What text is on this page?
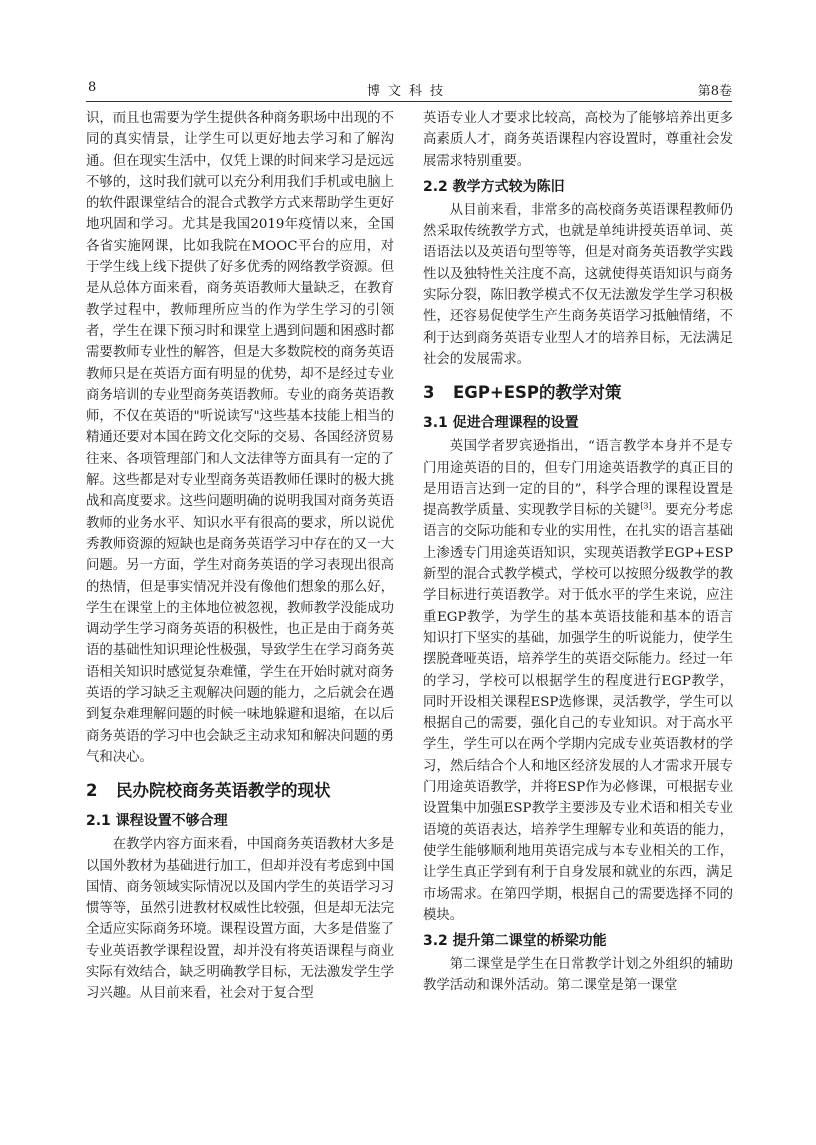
8	博文科技	第8卷

识，而且也需要为学生提供各种商务职场中出现的不同的真实情景，让学生可以更好地去学习和了解沟通。但在现实生活中，仅凭上课的时间来学习是远远不够的，这时我们就可以充分利用我们手机或电脑上的软件跟课堂结合的混合式教学方式来帮助学生更好地巩固和学习。尤其是我国2019年疫情以来，全国各省实施网课，比如我院在MOOC平台的应用，对于学生线上线下提供了好多优秀的网络教学资源。但是从总体方面来看，商务英语教师大量缺乏，在教育教学过程中，教师理所应当的作为学生学习的引领者，学生在课下预习时和课堂上遇到问题和困惑时都需要教师专业性的解答，但是大多数院校的商务英语教师只是在英语方面有明显的优势，却不是经过专业商务培训的专业型商务英语教师。专业的商务英语教师，不仅在英语的"听说读写"这些基本技能上相当的精通还要对本国在跨文化交际的交易、各国经济贸易往来、各项管理部门和人文法律等方面具有一定的了解。这些都是对专业型商务英语教师任课时的极大挑战和高度要求。这些问题明确的说明我国对商务英语教师的业务水平、知识水平有很高的要求，所以说优秀教师资源的短缺也是商务英语学习中存在的又一大问题。另一方面，学生对商务英语的学习表现出很高的热情，但是事实情况并没有像他们想象的那么好，学生在课堂上的主体地位被忽视，教师教学没能成功调动学生学习商务英语的积极性，也正是由于商务英语的基础性知识理论性极强，导致学生在学习商务英语相关知识时感觉复杂难懂，学生在开始时就对商务英语的学习缺乏主观解决问题的能力，之后就会在遇到复杂难理解问题的时候一味地躲避和退缩，在以后商务英语的学习中也会缺乏主动求知和解决问题的勇气和决心。

2 民办院校商务英语教学的现状
2.1 课程设置不够合理

在教学内容方面来看，中国商务英语教材大多是以国外教材为基础进行加工，但却并没有考虑到中国国情、商务领域实际情况以及国内学生的英语学习习惯等等，虽然引进教材权威性比较强，但是却无法完全适应实际商务环境。课程设置方面，大多是借鉴了专业英语教学课程设置，却并没有将英语课程与商业实际有效结合，缺乏明确教学目标，无法激发学生学习兴趣。从目前来看，社会对于复合型

英语专业人才要求比较高，高校为了能够培养出更多高素质人才，商务英语课程内容设置时，尊重社会发展需求特别重要。

2.2 教学方式较为陈旧

从目前来看，非常多的高校商务英语课程教师仍然采取传统教学方式，也就是单纯讲授英语单词、英语语法以及英语句型等等，但是对商务英语教学实践性以及独特性关注度不高，这就使得英语知识与商务实际分裂，陈旧教学模式不仅无法激发学生学习积极性，还容易促使学生产生商务英语学习抵触情绪，不利于达到商务英语专业型人才的培养目标，无法满足社会的发展需求。

3 EGP+ESP的教学对策
3.1 促进合理课程的设置

英国学者罗宾逊指出，“语言教学本身并不是专门用途英语的目的，但专门用途英语教学的真正目的是用语言达到一定的目的”，科学合理的课程设置是提高教学质量、实现教学目标的关键[3]。要充分考虑语言的交际功能和专业的实用性，在扎实的语言基础上渗透专门用途英语知识，实现英语教学EGP+ESP新型的混合式教学模式，学校可以按照分级教学的教学目标进行英语教学。对于低水平的学生来说，应注重EGP教学，为学生的基本英语技能和基本的语言知识打下坚实的基础，加强学生的听说能力，使学生摆脱聋哑英语，培养学生的英语交际能力。经过一年的学习，学校可以根据学生的程度进行EGP教学，同时开设相关课程ESP选修课，灵活教学，学生可以根据自己的需要，强化自己的专业知识。对于高水平学生，学生可以在两个学期内完成专业英语教材的学习，然后结合个人和地区经济发展的人才需求开展专门用途英语教学，并将ESP作为必修课，可根据专业设置集中加强ESP教学主要涉及专业术语和相关专业语境的英语表达，培养学生理解专业和英语的能力，使学生能够顺利地用英语完成与本专业相关的工作，让学生真正学到有利于自身发展和就业的东西，满足市场需求。在第四学期，根据自己的需要选择不同的模块。

3.2 提升第二课堂的桥梁功能

第二课堂是学生在日常教学计划之外组织的辅助教学活动和课外活动。第二课堂是第一课堂
